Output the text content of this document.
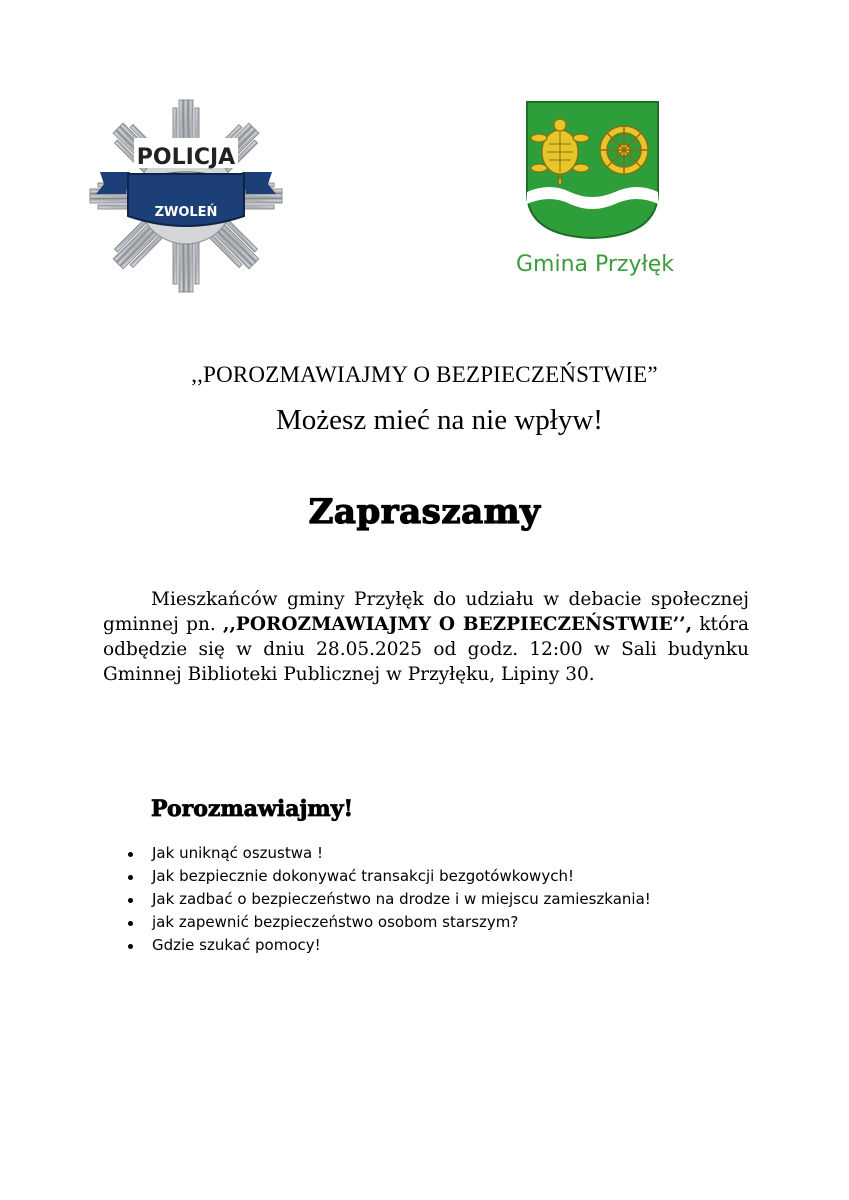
POLICJA
ZWOLEŃ
Gmina Przyłęk
,,POROZMAWIAJMY O BEZPIECZEŃSTWIE”
Możesz mieć na nie wpływ!
Zapraszamy

Mieszkańców gminy Przyłęk do udziału w debacie społecznej gminnej pn. ,,POROZMAWIAJMY O BEZPIECZEŃSTWIE’’, która odbędzie się w dniu 28.05.2025 od godz. 12:00 w Sali budynku Gminnej Biblioteki Publicznej w Przyłęku, Lipiny 30.

Porozmawiajmy!
Jak uniknąć oszustwa !
Jak bezpiecznie dokonywać transakcji bezgotówkowych!
Jak zadbać o bezpieczeństwo na drodze i w miejscu zamieszkania!
jak zapewnić bezpieczeństwo osobom starszym?
Gdzie szukać pomocy!
